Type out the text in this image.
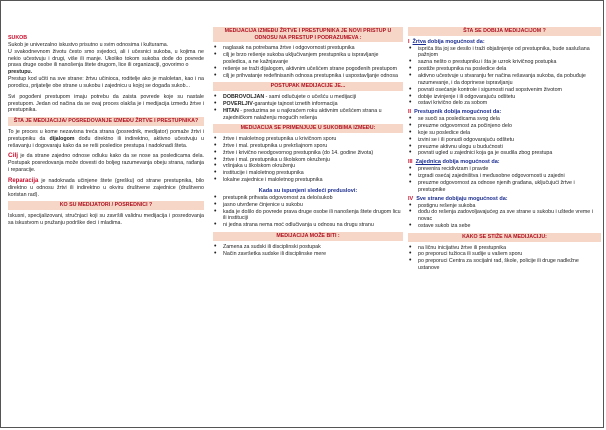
SUKOB
Sukob je univerzalno iskustvo prisutno u svim odnosima i kulturama.
U svakodnevnom životu često smo svjedoci, ali i učesnici sukoba, u kojima ne nekio učestvuju i drugi, više ili manje. Ukoliko tokom sukoba dođe do povrede prava druge osobe ili nanošenja štete drugom, lice ili organizaciji, govorimo o
prestupu.
Prestup kod učiti na sve strane: žrtvu učinioca, roditelje ako je maloletan, kao i na porodicu, prijatelje obe strane u sukobu i zajednicu u kojoj se događa sukob...
Svi pogođeni prestupom imaju potrebu da zaista povrede koje su nastale prestupom. Jedan od načina da se ovaj proces olakša je i medijacija između žrtve i prestupnika.
ŠTA JE MEDIJACIJA/ POSREDOVANJE IZMEĐU ŽRTVE I PRESTUPNIKA?
To je proces u kome nezavisna treća strana (posrednik, medijator) pomaže žrtvi i prestupniku da dijalogom dođu direktno ili indirektno, aktivno učestvuju u rešavanju i dogovaraju kako da se reši posledice prestupa i nadoknadi šteta.
Cilj je da strane zajedno odnose odluku kako da se nose sa posledicama dela. Postupak posredovanja može dovesti do boljeg razumevanja obeju strana, rađanja i reparacije.
Reparacija je nadoknada učinjene štete (grešku) od strane prestupnika, bilo direktno u odnosu žrtvi ili indirektno u okviru društvene zajednice (društveno koristan rad).
KO SU MEDIJATORI / POSREDNICI ?
Iskusni, specijalizovani, stručnjaci koji su završili validnu medijacija i posredovanja sa iskustvom u pružanju podrške deci i mladima.
MEDIJACIJA IZMEĐU ŽRTVE I PRESTUPNIKA JE NOVI PRISTUP U ODNOSU NA PRESTUP I PODRAZUMEVA :
• naglasak na potrebama žrtve i odgovornosti prestupnika
• cilj je brzo rešenje sukoba uključivanjem prestupnika u ispravljanje posledica, a ne kažnjavanje
• rešenje se traži dijalogom, aktivnim učešćem strane pogođenih prestupom
• cilj je prihvatanje redefinisanih odnosa prestupnika i uspostavljanje odnosa
POSTUPAK MEDIJACIJE JE...
• DOBROVOLJAN - sami odlučujete o učešću u medijaciji
• POVERLJIV-garantuje tajnost iznetih informacija
• HITAN - preduzima se u najkraćem roku aktivnim učešćem strana u zajedničkom nalaženju mogućih rešenja
MEDIJACIJA SE PRIMENJUJE U SUKOBIMA IZMEĐU:
• žrtve i maloletnog prestupnika u krivičnom sporu
• žrtve i mal. prestupnika u prekršajnom sporu
• žrtve i krivično neodgovornog prestupnika (do 14. godine života)
• žrtve i mal. prestupnika u školskom okruženju
• vršnjaka u školskom okruženju
• institucije i maloletnog prestupnika
• lokalne zajednice i maloletnog prestupnika
Kada su ispunjeni sledeći preduslovi:
• prestupnik prihvata odgovornost za delo/sukob
• jasno utvrđene činjenice u sukobu
• kada je došlo do povrede prava druge osobe ili nanošenja štete drugom licu ili instituciji
• ni jedna strana nema moć odlučivanja u odnosu na drugu stranu
MEDIJACIJA MOŽE BITI :
• Zamena za sudski ili disciplinski postupak
• Način završetka sudske ili disciplinske mere
ŠTA SE DOBIJA MEDIJACIJOM ?
I Žrtva dobija mogućnost da:
• ispriča šta joj se desilo i traži objašnjenje od prestupnika, bude saslušana pažnjom
• saznа nešto o prestupniku i šta je uzrok krivičnog postupka
• postiže prestupnika na posledice dela
• aktivno učestvuje u stvaranju fer načina rešavanja sukoba, da pobuđuje razumevanje, i da doprinese ispravljanju
• povrati osećanje kontrole i sigurnosti nad sopstvenim životom
• dobije izvinjenje i ili odgovarajuću odštetu
• ostavi krivično delo za sobom
II Prestupnik dobija mogućnost da:
• se suoči sa posledicama svog dela
• preuzme odgovornost za počinjeno delo
• koje su posledice dela
• izvini se i ili ponudi odgovarajuću odštetu
• preuzme aktivnu ulogu u budućnosti
• povrati ugled u zajednici koja ga je osudila zbog prestupa
III Zajednica dobija mogućnost da:
• prevenira recidivizam i pravde
• izgradi osećaj zajedništva i međusobne odgovornosti u zajedni
• preuzme odgovornost za odnosе njenih građana, uključujući žrtve i prestupnike
IV Sve strane dobijaju mogućnost da:
• postignu rešenje sukoba
• dođu do rešenja zadovoljavajućeg za sve strane u sukobu i uštede vreme i novac
• ostave sukob iza sebe
KAKO SE STIŽE NA MEDIJACIJU:
• na ličnu inicijativu žrtve ili prestupnika
• po preporuci tužioca ili sudije u vašem sporu
• po preporuci Centra za socijalni rad, škole, policije ili druge nadležne ustanove
